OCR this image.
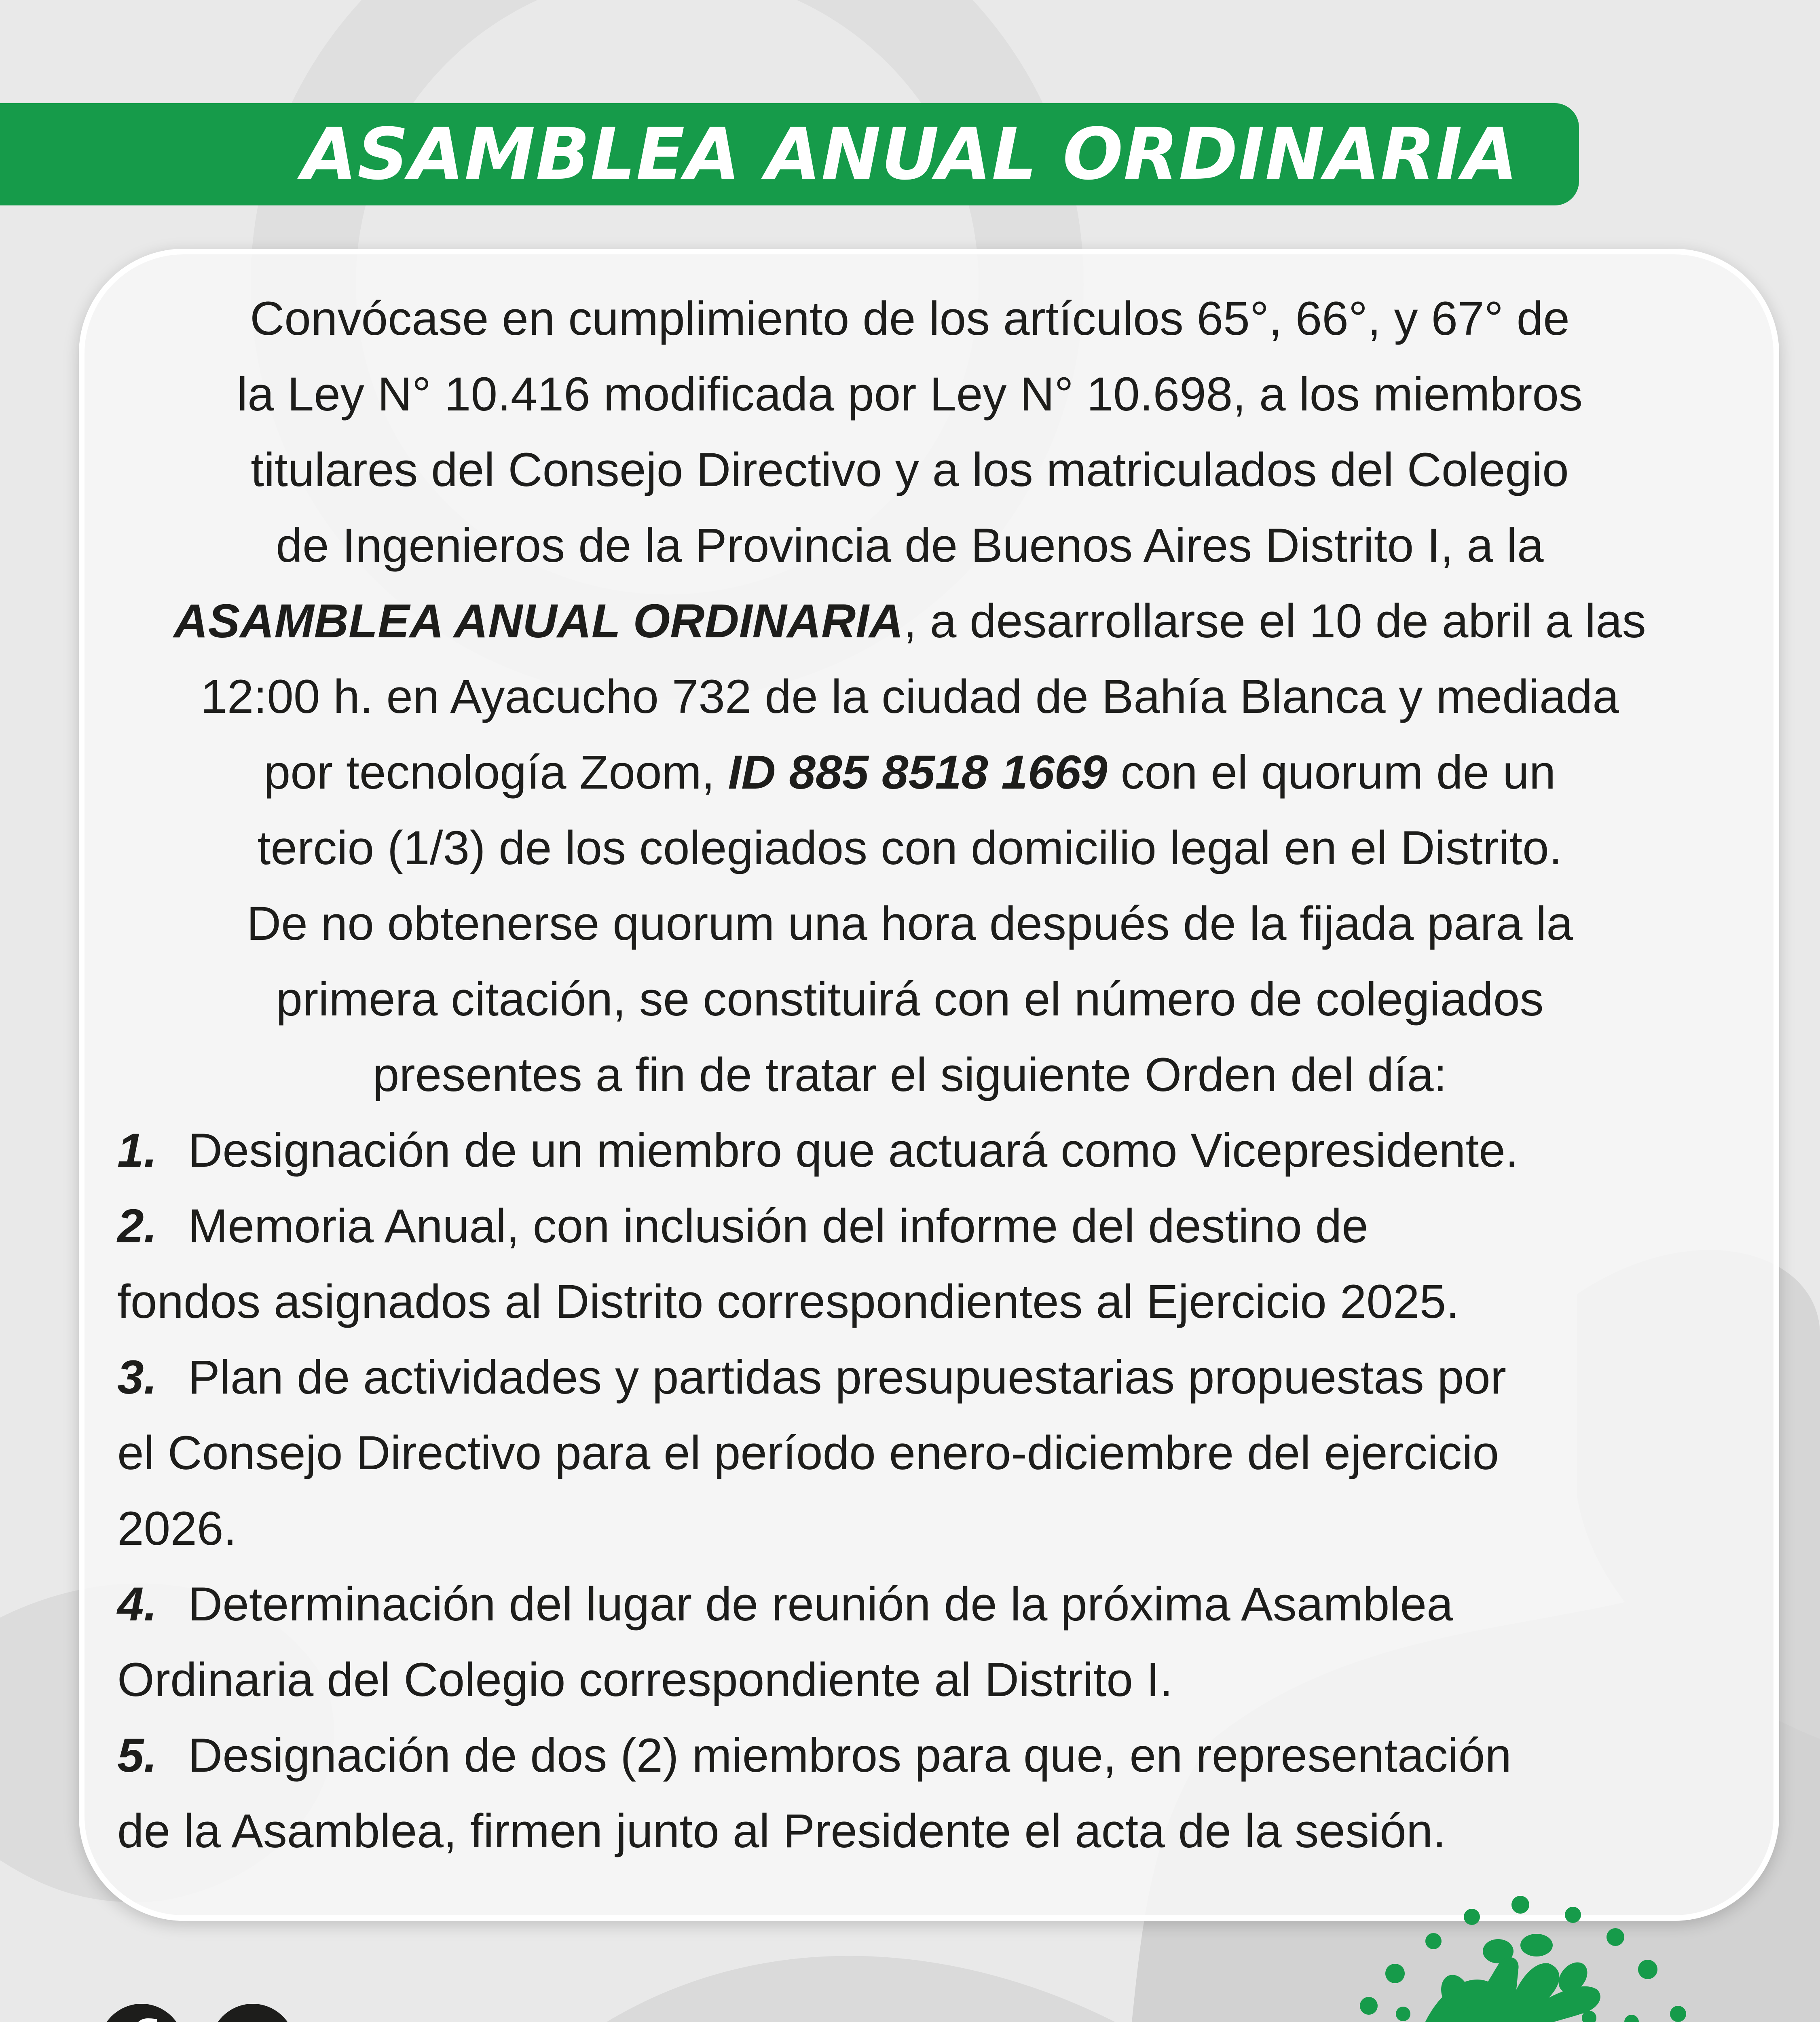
ASAMBLEA ANUAL ORDINARIA

Convócase en cumplimiento de los artículos 65°, 66°, y 67° de

la Ley N° 10.416 modificada por Ley N° 10.698, a los miembros

titulares del Consejo Directivo y a los matriculados del Colegio

de Ingenieros de la Provincia de Buenos Aires Distrito I, a la

ASAMBLEA ANUAL ORDINARIA, a desarrollarse el 10 de abril a las

12:00 h. en Ayacucho 732 de la ciudad de Bahía Blanca y mediada

por tecnología Zoom, ID 885 8518 1669 con el quorum de un

tercio (1/3) de los colegiados con domicilio legal en el Distrito.

De no obtenerse quorum una hora después de la fijada para la

primera citación, se constituirá con el número de colegiados

presentes a fin de tratar el siguiente Orden del día:

1. Designación de un miembro que actuará como Vicepresidente.

2. Memoria Anual, con inclusión del informe del destino de

fondos asignados al Distrito correspondientes al Ejercicio 2025.

3. Plan de actividades y partidas presupuestarias propuestas por

el Consejo Directivo para el período enero-diciembre del ejercicio

2026.

4. Determinación del lugar de reunión de la próxima Asamblea

Ordinaria del Colegio correspondiente al Distrito I.

5. Designación de dos (2) miembros para que, en representación

de la Asamblea, firmen junto al Presidente el acta de la sesión.
